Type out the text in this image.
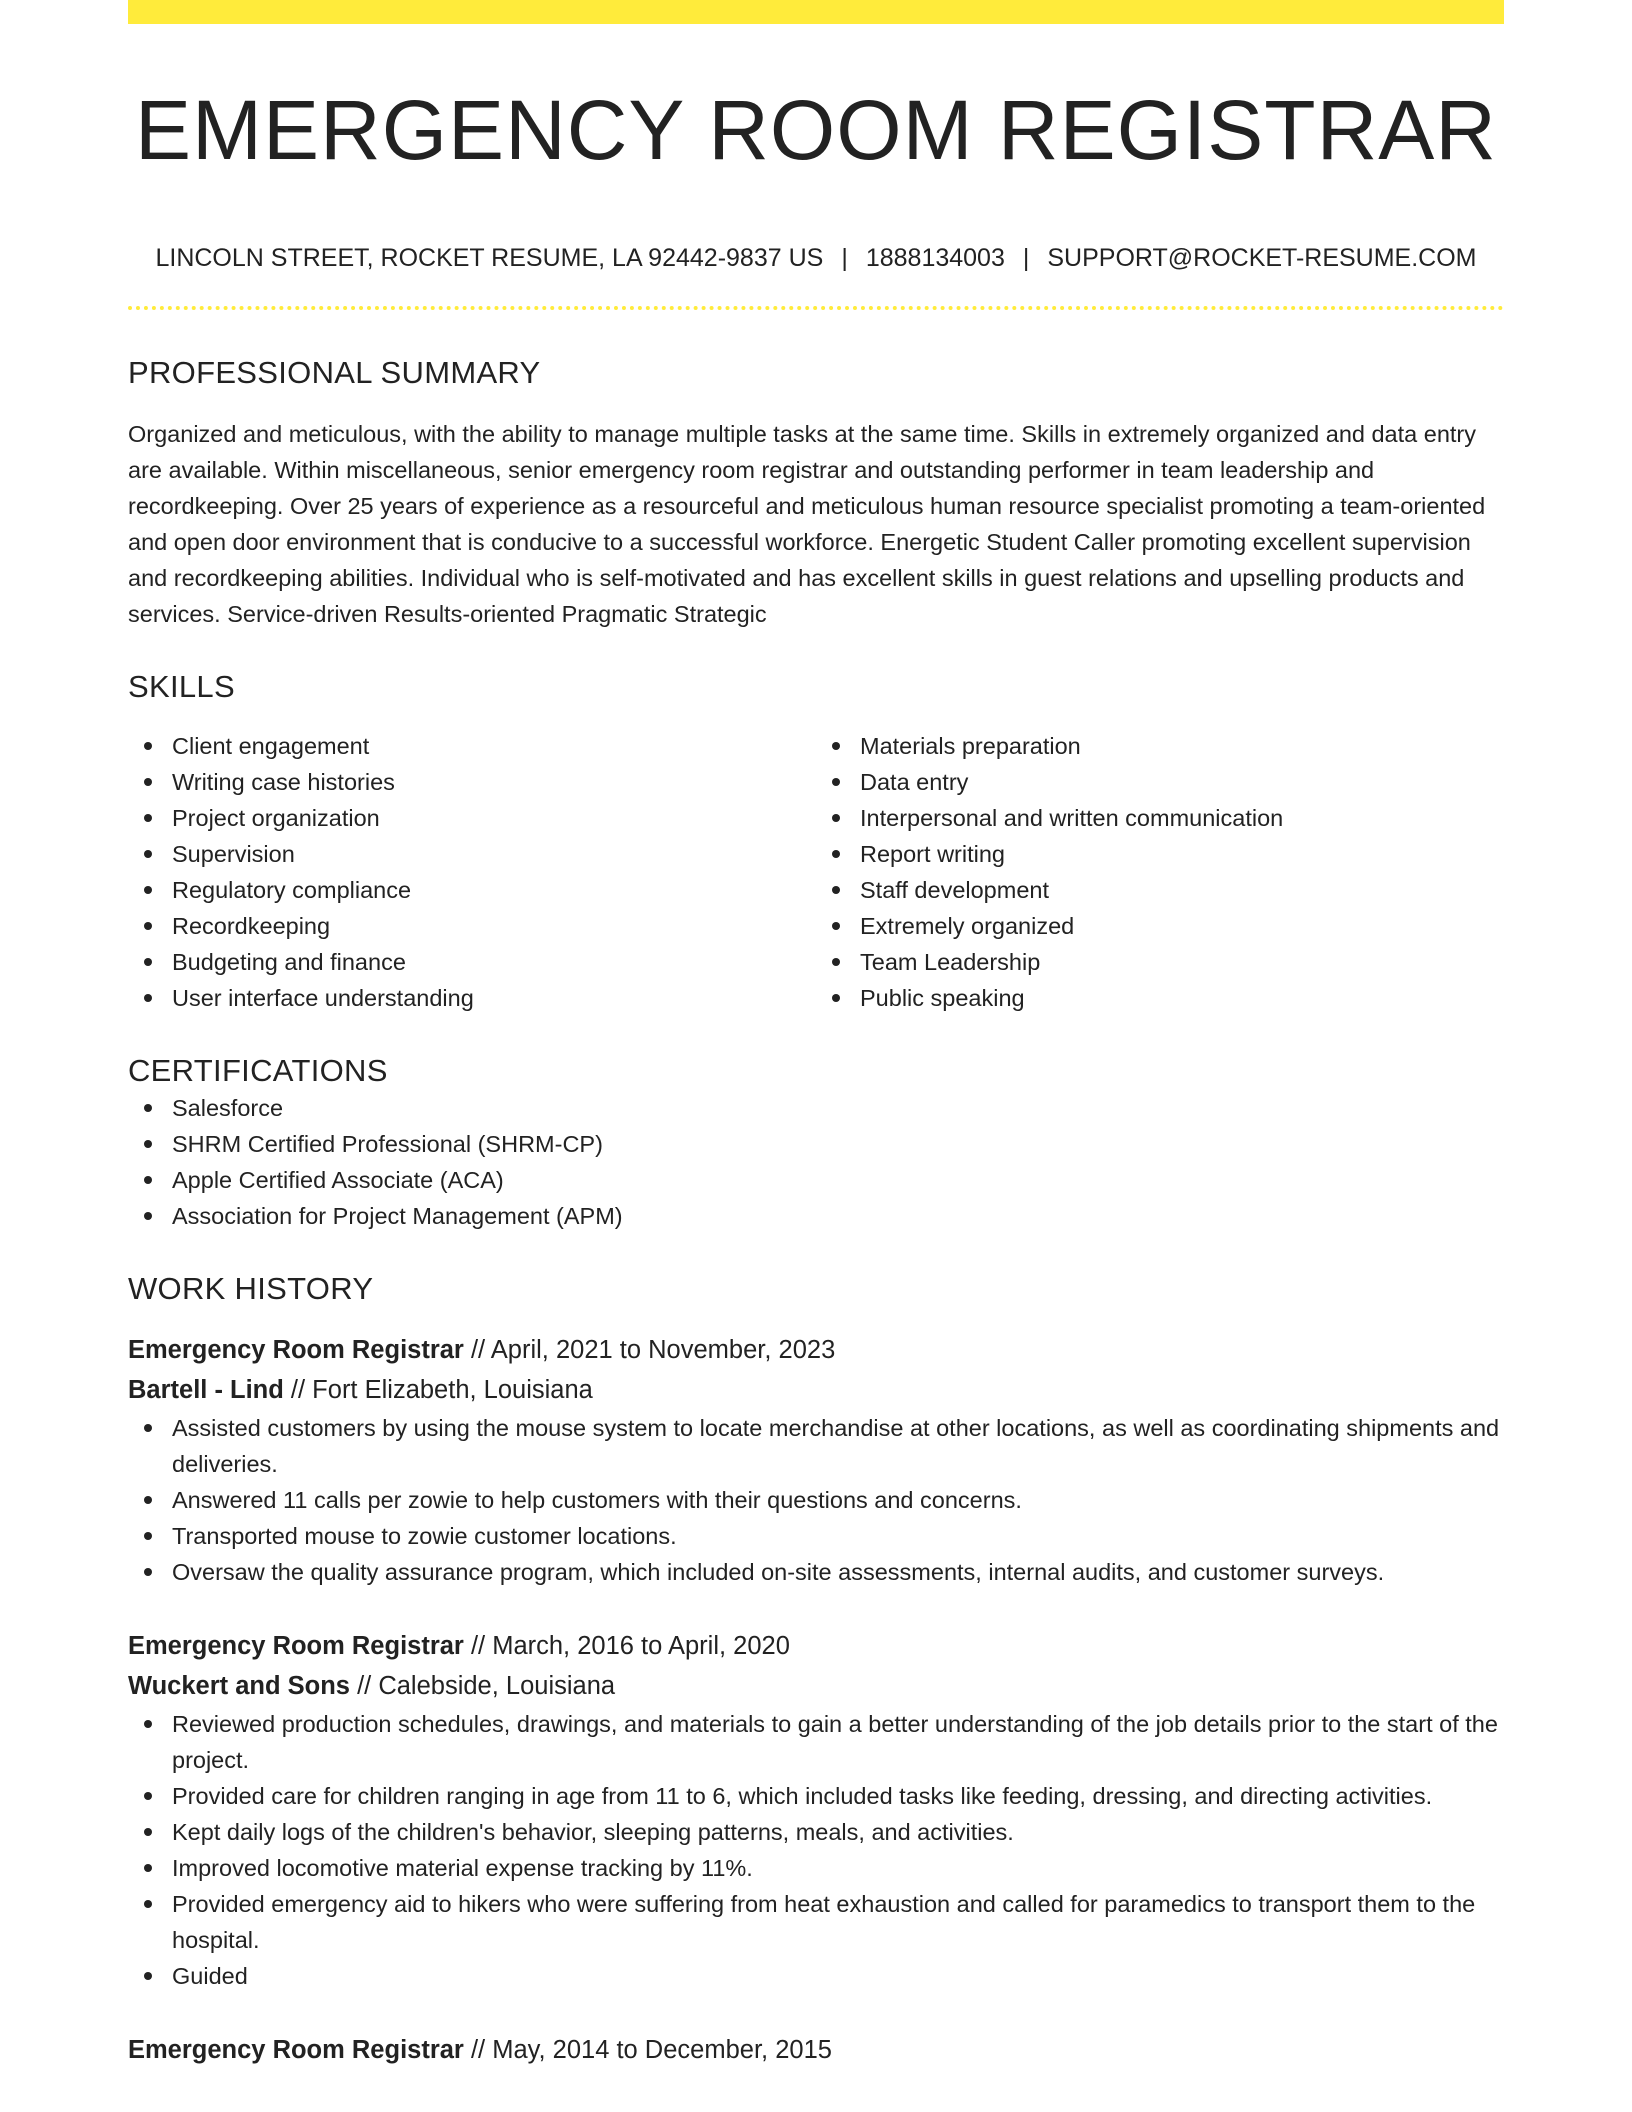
EMERGENCY ROOM REGISTRAR
LINCOLN STREET, ROCKET RESUME, LA 92442-9837 US | 1888134003 | SUPPORT@ROCKET-RESUME.COM
PROFESSIONAL SUMMARY

Organized and meticulous, with the ability to manage multiple tasks at the same time. Skills in extremely organized and data entry are available. Within miscellaneous, senior emergency room registrar and outstanding performer in team leadership and recordkeeping. Over 25 years of experience as a resourceful and meticulous human resource specialist promoting a team-oriented and open door environment that is conducive to a successful workforce. Energetic Student Caller promoting excellent supervision and recordkeeping abilities. Individual who is self-motivated and has excellent skills in guest relations and upselling products and services. Service-driven Results-oriented Pragmatic Strategic

SKILLS
Client engagement
Writing case histories
Project organization
Supervision
Regulatory compliance
Recordkeeping
Budgeting and finance
User interface understanding
Materials preparation
Data entry
Interpersonal and written communication
Report writing
Staff development
Extremely organized
Team Leadership
Public speaking
CERTIFICATIONS
Salesforce
SHRM Certified Professional (SHRM-CP)
Apple Certified Associate (ACA)
Association for Project Management (APM)
WORK HISTORY
Emergency Room Registrar // April, 2021 to November, 2023
Bartell - Lind // Fort Elizabeth, Louisiana
Assisted customers by using the mouse system to locate merchandise at other locations, as well as coordinating shipments and deliveries.
Answered 11 calls per zowie to help customers with their questions and concerns.
Transported mouse to zowie customer locations.
Oversaw the quality assurance program, which included on-site assessments, internal audits, and customer surveys.
Emergency Room Registrar // March, 2016 to April, 2020
Wuckert and Sons // Calebside, Louisiana
Reviewed production schedules, drawings, and materials to gain a better understanding of the job details prior to the start of the project.
Provided care for children ranging in age from 11 to 6, which included tasks like feeding, dressing, and directing activities.
Kept daily logs of the children's behavior, sleeping patterns, meals, and activities.
Improved locomotive material expense tracking by 11%.
Provided emergency aid to hikers who were suffering from heat exhaustion and called for paramedics to transport them to the hospital.
Guided
Emergency Room Registrar // May, 2014 to December, 2015
